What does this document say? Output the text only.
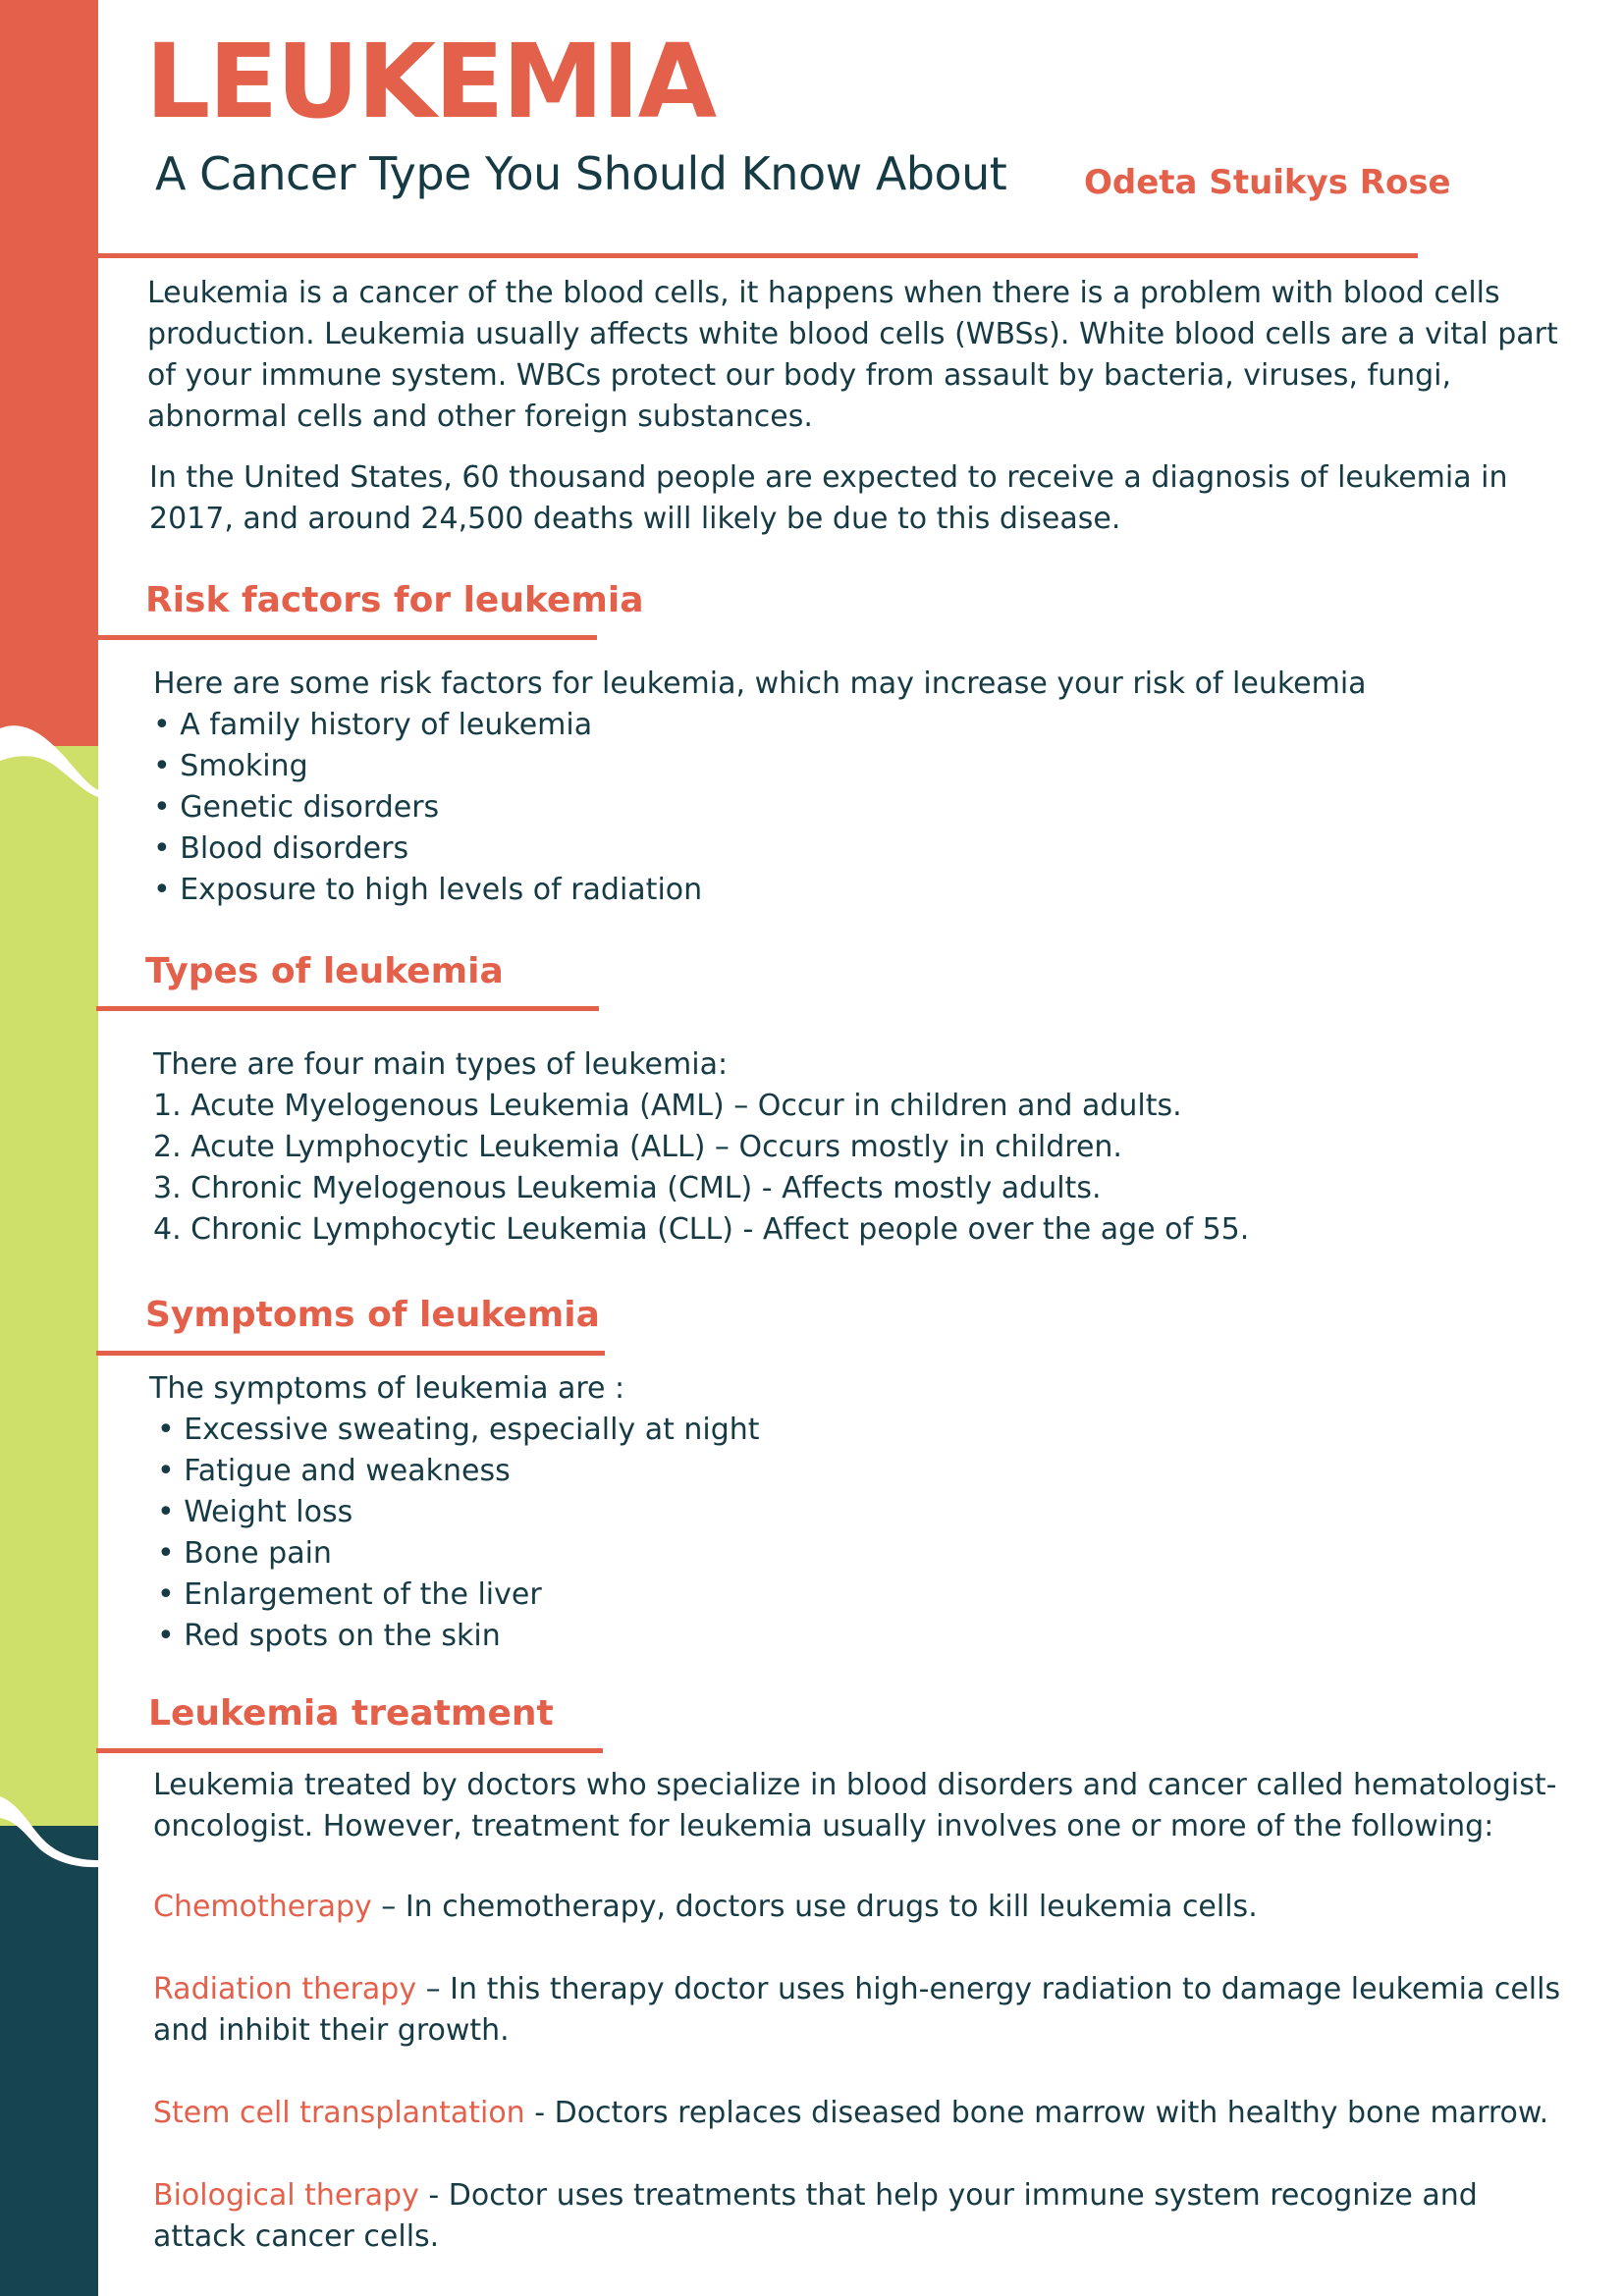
LEUKEMIA
A Cancer Type You Should Know About Odeta Stuikys Rose

Leukemia is a cancer of the blood cells, it happens when there is a problem with blood cells production. Leukemia usually affects white blood cells (WBSs). White blood cells are a vital part of your immune system. WBCs protect our body from assault by bacteria, viruses, fungi, abnormal cells and other foreign substances.

In the United States, 60 thousand people are expected to receive a diagnosis of leukemia in 2017, and around 24,500 deaths will likely be due to this disease.

Risk factors for leukemia

Here are some risk factors for leukemia, which may increase your risk of leukemia

• A family history of leukemia
• Smoking
• Genetic disorders
• Blood disorders
• Exposure to high levels of radiation
Types of leukemia

There are four main types of leukemia:

1. Acute Myelogenous Leukemia (AML) – Occur in children and adults.
2. Acute Lymphocytic Leukemia (ALL) – Occurs mostly in children.
3. Chronic Myelogenous Leukemia (CML) - Affects mostly adults.
4. Chronic Lymphocytic Leukemia (CLL) - Affect people over the age of 55.
Symptoms of leukemia

The symptoms of leukemia are :

• Excessive sweating, especially at night
• Fatigue and weakness
• Weight loss
• Bone pain
• Enlargement of the liver
• Red spots on the skin
Leukemia treatment

Leukemia treated by doctors who specialize in blood disorders and cancer called hematologist-oncologist. However, treatment for leukemia usually involves one or more of the following:

Chemotherapy – In chemotherapy, doctors use drugs to kill leukemia cells.

Radiation therapy – In this therapy doctor uses high-energy radiation to damage leukemia cells and inhibit their growth.

Stem cell transplantation - Doctors replaces diseased bone marrow with healthy bone marrow.

Biological therapy - Doctor uses treatments that help your immune system recognize and attack cancer cells.
